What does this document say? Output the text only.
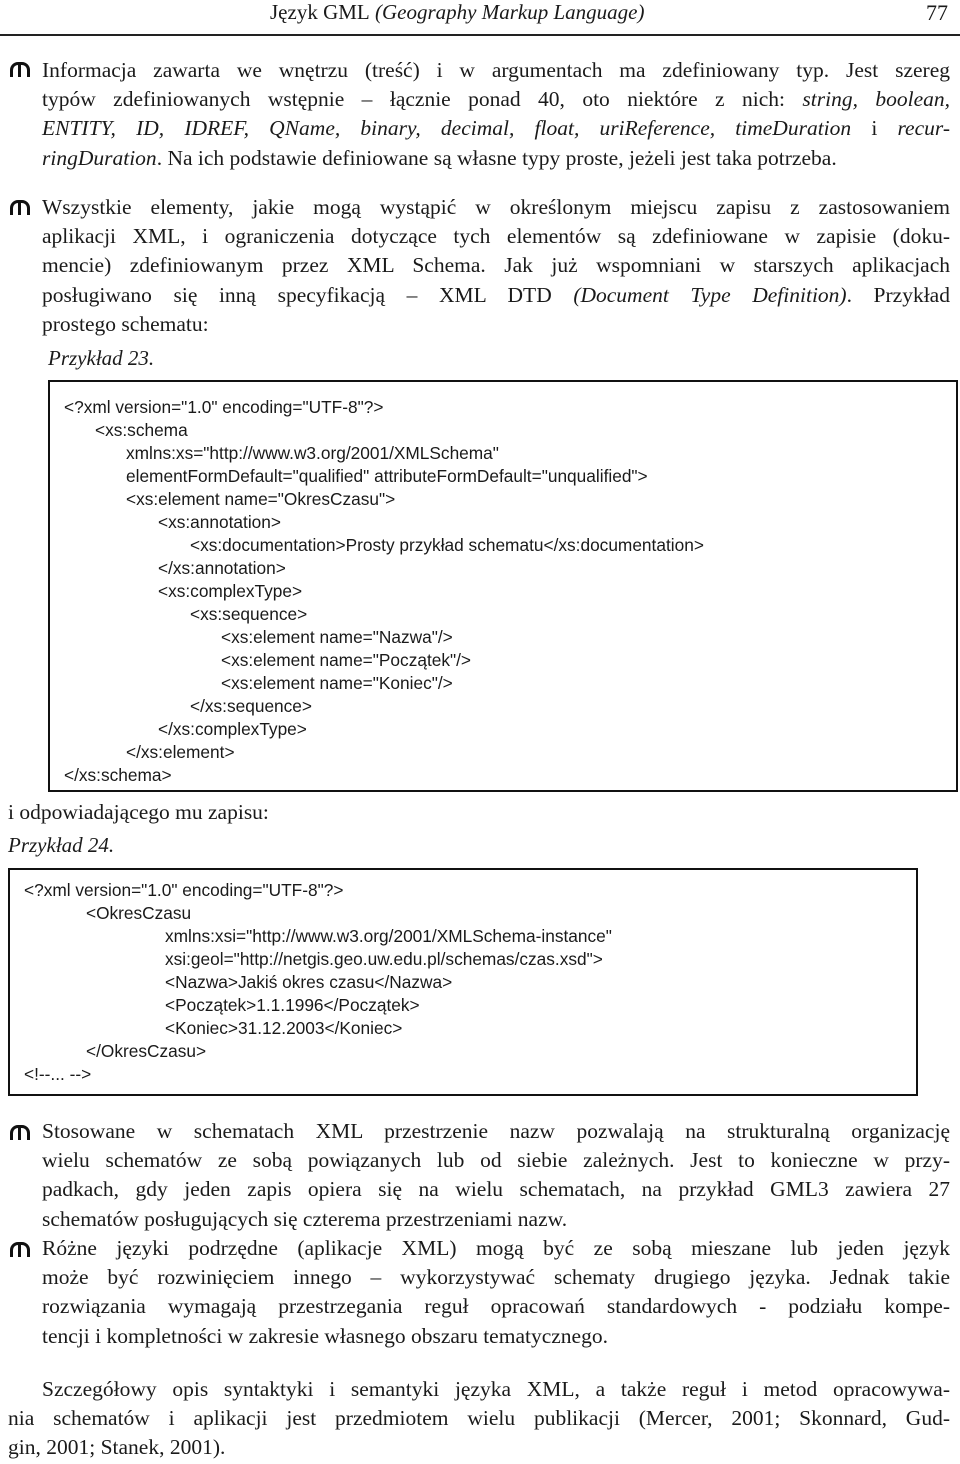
Język GML (Geography Markup Language)	77
Informacja zawarta we wnętrzu (treść) i w argumentach ma zdefiniowany typ. Jest szereg
typów zdefiniowanych wstępnie – łącznie ponad 40, oto niektóre z nich: string, boolean,
ENTITY, ID, IDREF, QName, binary, decimal, float, uriReference, timeDuration i recur-
ringDuration. Na ich podstawie definiowane są własne typy proste, jeżeli jest taka potrzeba.
Wszystkie elementy, jakie mogą wystąpić w określonym miejscu zapisu z zastosowaniem
aplikacji XML, i ograniczenia dotyczące tych elementów są zdefiniowane w zapisie (doku-
mencie) zdefiniowanym przez XML Schema. Jak już wspomniani w starszych aplikacjach
posługiwano się inną specyfikacją – XML DTD (Document Type Definition). Przykład
prostego schematu:
Przykład 23.
<?xml version="1.0" encoding="UTF-8"?>
<xs:schema
xmlns:xs="http://www.w3.org/2001/XMLSchema"
elementFormDefault="qualified" attributeFormDefault="unqualified">
<xs:element name="OkresCzasu">
<xs:annotation>
<xs:documentation>Prosty przykład schematu</xs:documentation>
</xs:annotation>
<xs:complexType>
<xs:sequence>
<xs:element name="Nazwa"/>
<xs:element name="Początek"/>
<xs:element name="Koniec"/>
</xs:sequence>
</xs:complexType>
</xs:element>
</xs:schema>
i odpowiadającego mu zapisu:
Przykład 24.
<?xml version="1.0" encoding="UTF-8"?>
<OkresCzasu
xmlns:xsi="http://www.w3.org/2001/XMLSchema-instance"
xsi:geol="http://netgis.geo.uw.edu.pl/schemas/czas.xsd">
<Nazwa>Jakiś okres czasu</Nazwa>
<Początek>1.1.1996</Początek>
<Koniec>31.12.2003</Koniec>
</OkresCzasu>
<!--... -->
Stosowane w schematach XML przestrzenie nazw pozwalają na strukturalną organizację
wielu schematów ze sobą powiązanych lub od siebie zależnych. Jest to konieczne w przy-
padkach, gdy jeden zapis opiera się na wielu schematach, na przykład GML3 zawiera 27
schematów posługujących się czterema przestrzeniami nazw.
Różne języki podrzędne (aplikacje XML) mogą być ze sobą mieszane lub jeden język
może być rozwinięciem innego – wykorzystywać schematy drugiego języka. Jednak takie
rozwiązania wymagają przestrzegania reguł opracowań standardowych - podziału kompe-
tencji i kompletności w zakresie własnego obszaru tematycznego.
Szczegółowy opis syntaktyki i semantyki języka XML, a także reguł i metod opracowywa-
nia schematów i aplikacji jest przedmiotem wielu publikacji (Mercer, 2001; Skonnard, Gud-
gin, 2001; Stanek, 2001).
